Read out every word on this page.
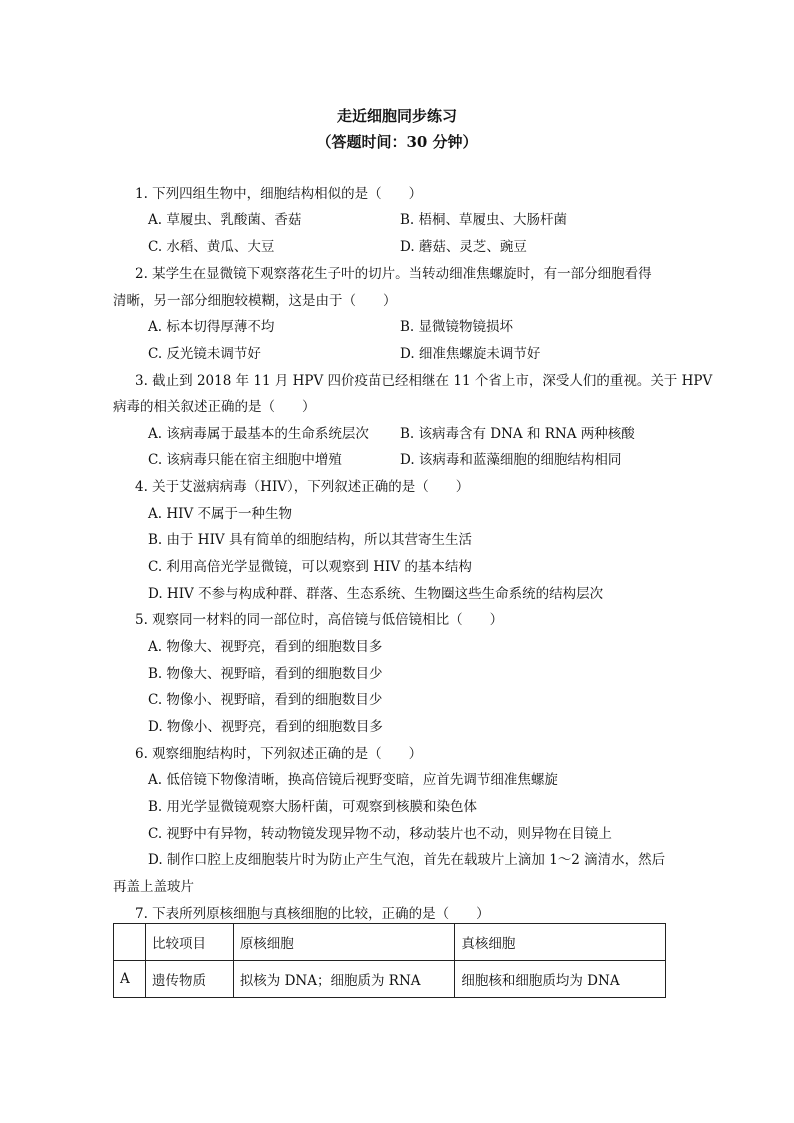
走近细胞同步练习
（答题时间：30 分钟）
1. 下列四组生物中，细胞结构相似的是（　　）
A. 草履虫、乳酸菌、香菇	B. 梧桐、草履虫、大肠杆菌
C. 水稻、黄瓜、大豆	D. 蘑菇、灵芝、豌豆
2. 某学生在显微镜下观察落花生子叶的切片。当转动细准焦螺旋时，有一部分细胞看得
清晰，另一部分细胞较模糊，这是由于（　　）
A. 标本切得厚薄不均	B. 显微镜物镜损坏
C. 反光镜未调节好	D. 细准焦螺旋未调节好
3. 截止到 2018 年 11 月 HPV 四价疫苗已经相继在 11 个省上市，深受人们的重视。关于 HPV
病毒的相关叙述正确的是（　　）
A. 该病毒属于最基本的生命系统层次 B. 该病毒含有 DNA 和 RNA 两种核酸
C. 该病毒只能在宿主细胞中增殖	D. 该病毒和蓝藻细胞的细胞结构相同
4. 关于艾滋病病毒（HIV），下列叙述正确的是（　　）
A. HIV 不属于一种生物
B. 由于 HIV 具有简单的细胞结构，所以其营寄生生活
C. 利用高倍光学显微镜，可以观察到 HIV 的基本结构
D. HIV 不参与构成种群、群落、生态系统、生物圈这些生命系统的结构层次
5. 观察同一材料的同一部位时，高倍镜与低倍镜相比（　　）
A. 物像大、视野亮，看到的细胞数目多
B. 物像大、视野暗，看到的细胞数目少
C. 物像小、视野暗，看到的细胞数目少
D. 物像小、视野亮，看到的细胞数目多
6. 观察细胞结构时，下列叙述正确的是（　　）
A. 低倍镜下物像清晰，换高倍镜后视野变暗，应首先调节细准焦螺旋
B. 用光学显微镜观察大肠杆菌，可观察到核膜和染色体
C. 视野中有异物，转动物镜发现异物不动，移动装片也不动，则异物在目镜上
D. 制作口腔上皮细胞装片时为防止产生气泡，首先在载玻片上滴加 1～2 滴清水，然后
再盖上盖玻片
7. 下表所列原核细胞与真核细胞的比较，正确的是（　　）
	比较项目	原核细胞	真核细胞
A	遗传物质	拟核为 DNA；细胞质为 RNA	细胞核和细胞质均为 DNA
